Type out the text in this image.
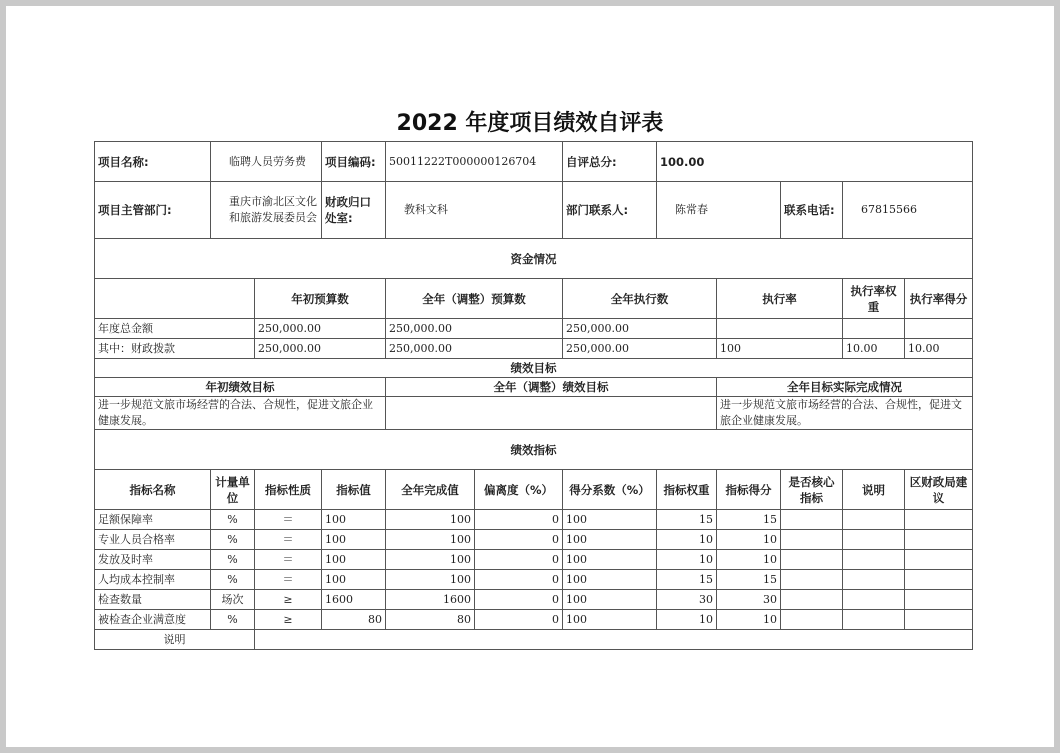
2022 年度项目绩效自评表
项目名称:	临聘人员劳务费		项目编码:	50011222T000000126704		自评总分:	100.00				
项目主管部门:	重庆市渝北区文化和旅游发展委员会		财政归口处室:	教科文科		部门联系人:	陈常春		联系电话:	67815566	
资金情况											
		年初预算数		全年（调整）预算数		全年执行数		执行率		执行率权重	执行率得分
年度总金额		250,000.00		250,000.00		250,000.00					
其中：财政拨款		250,000.00		250,000.00		250,000.00		100		10.00	10.00
绩效目标											
年初绩效目标				全年（调整）绩效目标				全年目标实际完成情况			
进一步规范文旅市场经营的合法、合规性，促进文旅企业健康发展。								进一步规范文旅市场经营的合法、合规性，促进文旅企业健康发展。			
绩效指标											
指标名称	计量单位	指标性质	指标值	全年完成值	偏离度（%）	得分系数（%）	指标权重	指标得分	是否核心指标	说明	区财政局建议
足额保障率	%	＝	100	100	0	100	15	15			
专业人员合格率	%	＝	100	100	0	100	10	10			
发放及时率	%	＝	100	100	0	100	10	10			
人均成本控制率	%	＝	100	100	0	100	15	15			
检查数量	场次	≥	1600	1600	0	100	30	30			
被检查企业满意度	%	≥	80	80	0	100	10	10			
说明											
